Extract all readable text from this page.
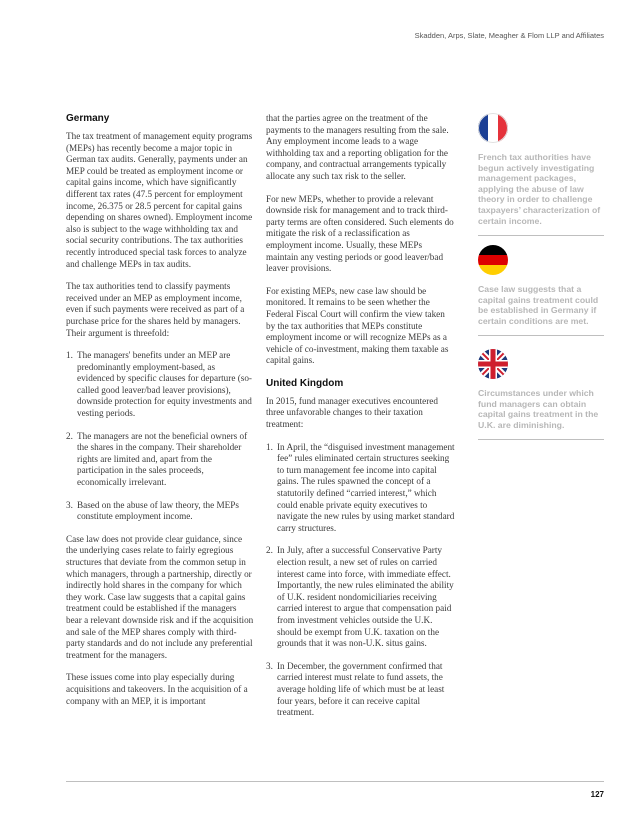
Skadden, Arps, Slate, Meagher & Flom LLP and Affiliates
Germany

The tax treatment of management equity programs (MEPs) has recently become a major topic in German tax audits. Generally, payments under an MEP could be treated as employment income or capital gains income, which have significantly different tax rates (47.5 percent for employment income, 26.375 or 28.5 percent for capital gains depending on shares owned). Employment income also is subject to the wage withholding tax and social security contributions. The tax authorities recently introduced special task forces to analyze and challenge MEPs in tax audits.

The tax authorities tend to classify payments received under an MEP as employment income, even if such payments were received as part of a purchase price for the shares held by managers. Their argument is threefold:

1. The managers' benefits under an MEP are predominantly employment-based, as evidenced by specific clauses for departure (so-called good leaver/bad leaver provisions), downside protection for equity investments and vesting periods.
2. The managers are not the beneficial owners of the shares in the company. Their shareholder rights are limited and, apart from the participation in the sales proceeds, economically irrelevant.
3. Based on the abuse of law theory, the MEPs constitute employment income.

Case law does not provide clear guidance, since the underlying cases relate to fairly egregious structures that deviate from the common setup in which managers, through a partnership, directly or indirectly hold shares in the company for which they work. Case law suggests that a capital gains treatment could be established if the managers bear a relevant downside risk and if the acquisition and sale of the MEP shares comply with third-party standards and do not include any preferential treatment for the managers.

These issues come into play especially during acquisitions and takeovers. In the acquisition of a company with an MEP, it is important

that the parties agree on the treatment of the payments to the managers resulting from the sale. Any employment income leads to a wage withholding tax and a reporting obligation for the company, and contractual arrangements typically allocate any such tax risk to the seller.

For new MEPs, whether to provide a relevant downside risk for management and to track third-party terms are often considered. Such elements do mitigate the risk of a reclassification as employment income. Usually, these MEPs maintain any vesting periods or good leaver/bad leaver provisions.

For existing MEPs, new case law should be monitored. It remains to be seen whether the Federal Fiscal Court will confirm the view taken by the tax authorities that MEPs constitute employment income or will recognize MEPs as a vehicle of co-investment, making them taxable as capital gains.

United Kingdom

In 2015, fund manager executives encountered three unfavorable changes to their taxation treatment:

1. In April, the “disguised investment management fee” rules eliminated certain structures seeking to turn management fee income into capital gains. The rules spawned the concept of a statutorily defined “carried interest,” which could enable private equity executives to navigate the new rules by using market standard carry structures.
2. In July, after a successful Conservative Party election result, a new set of rules on carried interest came into force, with immediate effect. Importantly, the new rules eliminated the ability of U.K. resident nondomiciliaries receiving carried interest to argue that compensation paid from investment vehicles outside the U.K. should be exempt from U.K. taxation on the grounds that it was non-U.K. situs gains.
3. In December, the government confirmed that carried interest must relate to fund assets, the average holding life of which must be at least four years, before it can receive capital treatment.

French tax authorities have begun actively investigating management packages, applying the abuse of law theory in order to challenge taxpayers’ characterization of certain income.

Case law suggests that a capital gains treatment could be established in Germany if certain conditions are met.

Circumstances under which fund managers can obtain capital gains treatment in the U.K. are diminishing.

127
